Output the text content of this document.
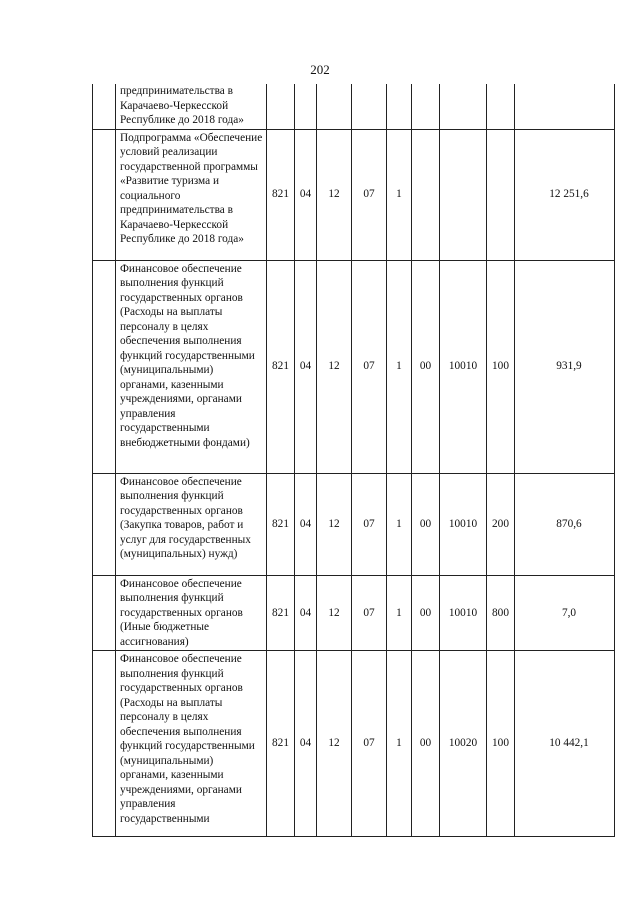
202
	предпринимательства в Карачаево-Черкесской Республике до 2018 года»									
	Подпрограмма «Обеспечение условий реализации государственной программы «Развитие туризма и социального предпринимательства в Карачаево-Черкесской Республике до 2018 года»	821	04	12	07	1				12 251,6
	Финансовое обеспечение выполнения функций государственных органов (Расходы на выплаты персоналу в целях обеспечения выполнения функций государственными (муниципальными) органами, казенными учреждениями, органами управления государственными внебюджетными фондами)	821	04	12	07	1	00	10010	100	931,9
	Финансовое обеспечение выполнения функций государственных органов (Закупка товаров, работ и услуг для государственных (муниципальных) нужд)	821	04	12	07	1	00	10010	200	870,6
	Финансовое обеспечение выполнения функций государственных органов (Иные бюджетные ассигнования)	821	04	12	07	1	00	10010	800	7,0
	Финансовое обеспечение выполнения функций государственных органов (Расходы на выплаты персоналу в целях обеспечения выполнения функций государственными (муниципальными) органами, казенными учреждениями, органами управления государственными	821	04	12	07	1	00	10020	100	10 442,1
